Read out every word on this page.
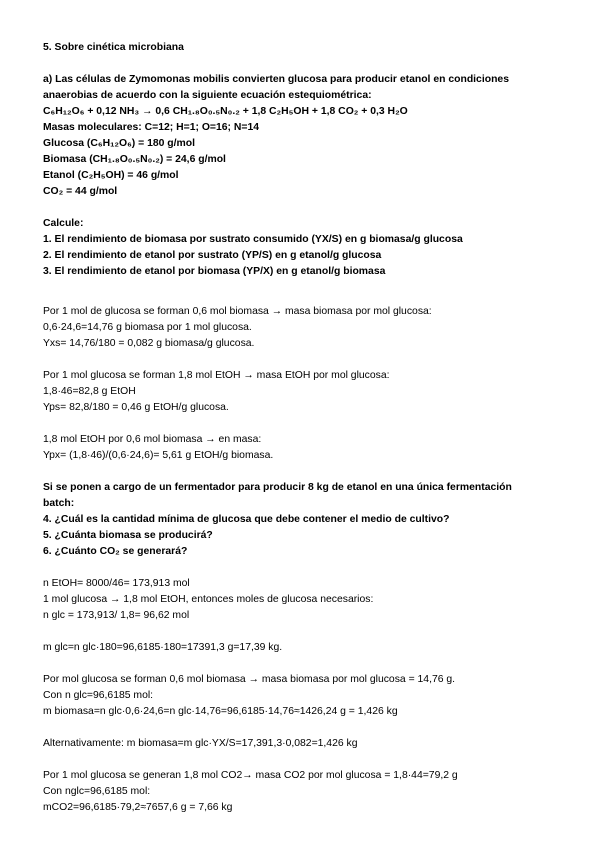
5. Sobre cinética microbiana
a) Las células de Zymomonas mobilis convierten glucosa para producir etanol en condiciones
anaerobias de acuerdo con la siguiente ecuación estequiométrica:
C₆H₁₂O₆ + 0,12 NH₃ → 0,6 CH₁.₈O₀.₅N₀.₂ + 1,8 C₂H₅OH + 1,8 CO₂ + 0,3 H₂O
Masas moleculares: C=12; H=1; O=16; N=14
Glucosa (C₆H₁₂O₆) = 180 g/mol
Biomasa (CH₁.₈O₀.₅N₀.₂) = 24,6 g/mol
Etanol (C₂H₅OH) = 46 g/mol
CO₂ = 44 g/mol
Calcule:
1. El rendimiento de biomasa por sustrato consumido (YX/S) en g biomasa/g glucosa
2. El rendimiento de etanol por sustrato (YP/S) en g etanol/g glucosa
3. El rendimiento de etanol por biomasa (YP/X) en g etanol/g biomasa
Por 1 mol de glucosa se forman 0,6 mol biomasa → masa biomasa por mol glucosa:
0,6·24,6=14,76 g biomasa por 1 mol glucosa.
Yxs= 14,76/180 = 0,082 g biomasa/g glucosa.
Por 1 mol glucosa se forman 1,8 mol EtOH → masa EtOH por mol glucosa:
1,8·46=82,8 g EtOH
Yps= 82,8/180 = 0,46 g EtOH/g glucosa.
1,8 mol EtOH por 0,6 mol biomasa → en masa:
Ypx= (1,8·46)/(0,6·24,6)= 5,61 g EtOH/g biomasa.
Si se ponen a cargo de un fermentador para producir 8 kg de etanol en una única fermentación
batch:
4. ¿Cuál es la cantidad mínima de glucosa que debe contener el medio de cultivo?
5. ¿Cuánta biomasa se producirá?
6. ¿Cuánto CO₂ se generará?
n EtOH= 8000/46= 173,913 mol
1 mol glucosa → 1,8 mol EtOH, entonces moles de glucosa necesarios:
n glc = 173,913/ 1,8= 96,62 mol
m glc=n glc·180=96,6185·180=17391,3 g=17,39 kg.
Por mol glucosa se forman 0,6 mol biomasa → masa biomasa por mol glucosa = 14,76 g.
Con n glc=96,6185 mol:
m biomasa=n glc·0,6·24,6=n glc·14,76=96,6185·14,76≈1426,24 g = 1,426 kg
Alternativamente: m biomasa=m glc·YX/S=17,391,3·0,082=1,426 kg
Por 1 mol glucosa se generan 1,8 mol CO2→ masa CO2 por mol glucosa = 1,8·44=79,2 g
Con nglc=96,6185 mol:
mCO2=96,6185·79,2≈7657,6 g = 7,66 kg
